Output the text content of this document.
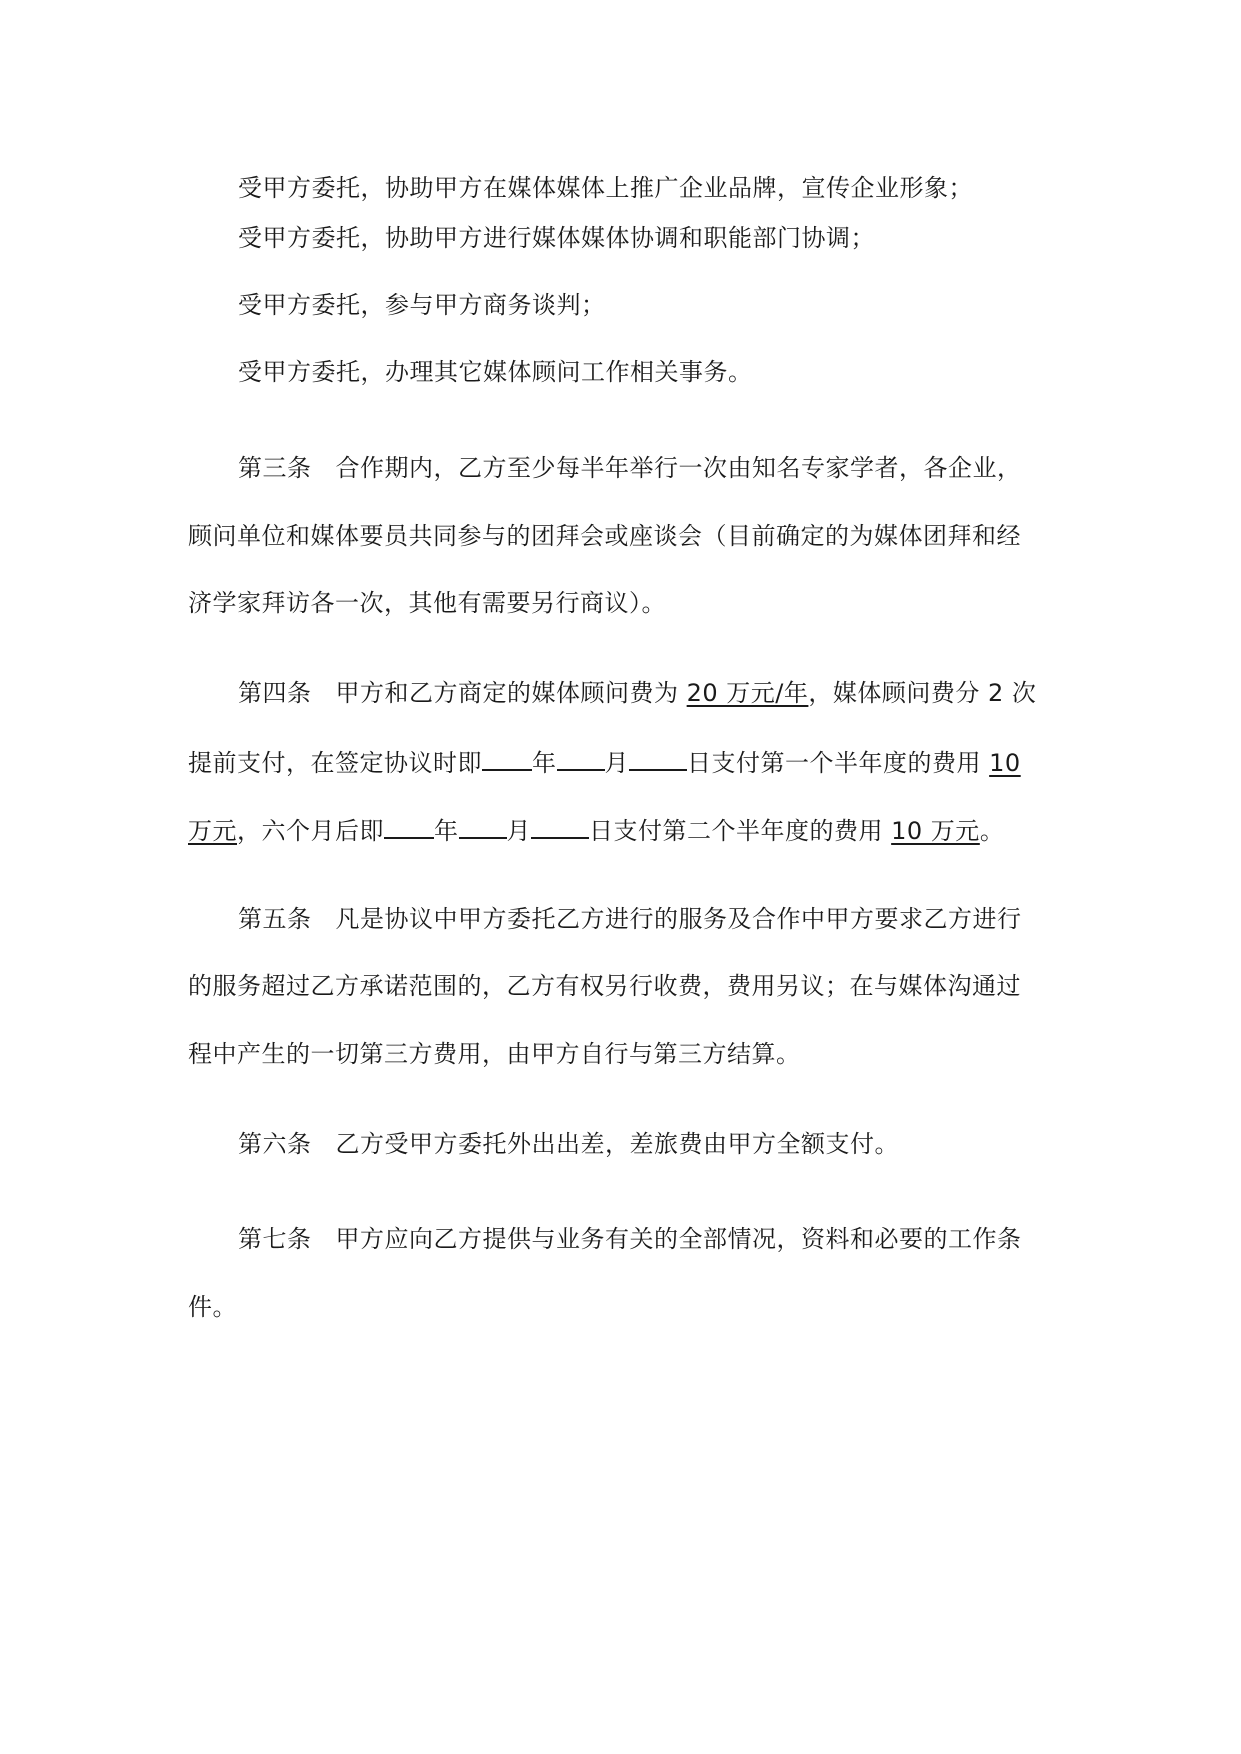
受甲方委托，协助甲方在媒体媒体上推广企业品牌，宣传企业形象；
受甲方委托，协助甲方进行媒体媒体协调和职能部门协调；
受甲方委托，参与甲方商务谈判；
受甲方委托，办理其它媒体顾问工作相关事务。
第三条 合作期内，乙方至少每半年举行一次由知名专家学者，各企业，
顾问单位和媒体要员共同参与的团拜会或座谈会（目前确定的为媒体团拜和经
济学家拜访各一次，其他有需要另行商议）。
第四条 甲方和乙方商定的媒体顾问费为 20 万元/年，媒体顾问费分 2 次
提前支付，在签定协议时即 年 月 日支付第一个半年度的费用 10
万元，六个月后即 年 月 日支付第二个半年度的费用 10 万元。
第五条 凡是协议中甲方委托乙方进行的服务及合作中甲方要求乙方进行
的服务超过乙方承诺范围的，乙方有权另行收费，费用另议；在与媒体沟通过
程中产生的一切第三方费用，由甲方自行与第三方结算。
第六条 乙方受甲方委托外出出差，差旅费由甲方全额支付。
第七条 甲方应向乙方提供与业务有关的全部情况，资料和必要的工作条
件。
